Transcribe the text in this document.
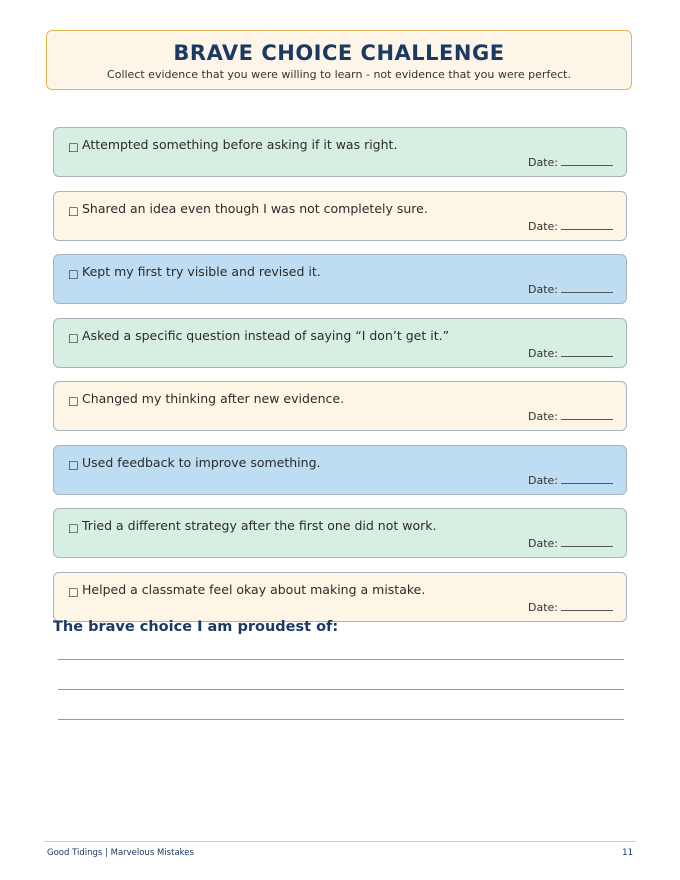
BRAVE CHOICE CHALLENGE
Collect evidence that you were willing to learn - not evidence that you were perfect.
☐ Attempted something before asking if it was right.
Date:
☐ Shared an idea even though I was not completely sure.
Date:
☐ Kept my first try visible and revised it.
Date:
☐ Asked a specific question instead of saying “I don’t get it.”
Date:
☐ Changed my thinking after new evidence.
Date:
☐ Used feedback to improve something.
Date:
☐ Tried a different strategy after the first one did not work.
Date:
☐ Helped a classmate feel okay about making a mistake.
Date:
The brave choice I am proudest of:
Good Tidings | Marvelous Mistakes	11
